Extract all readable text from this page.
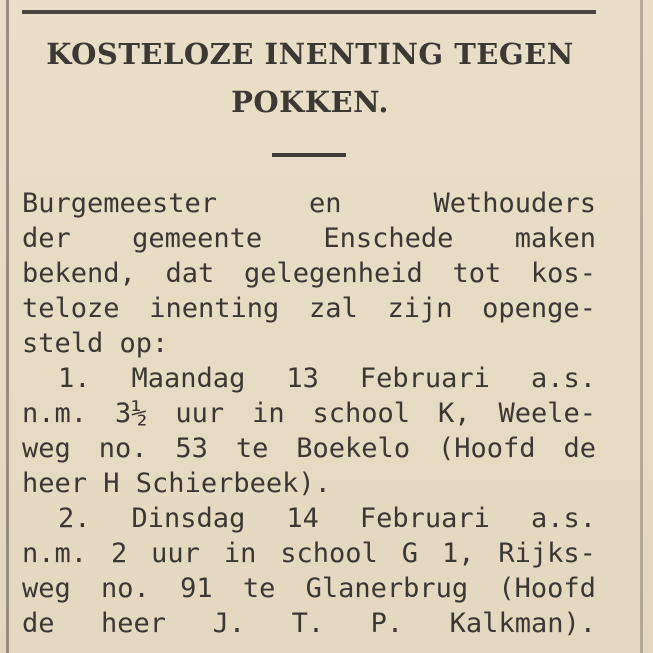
KOSTELOZE INENTING TEGEN
POKKEN.
Burgemeester	en	Wethouders
der gemeente Enschede maken
bekend, dat gelegenheid tot kos-
teloze inenting zal zijn openge-
steld op:
1. Maandag 13 Februari a.s.
n.m. 3½ uur in school K, Weele-
weg no. 53 te Boekelo (Hoofd de
heer H Schierbeek).
2. Dinsdag 14 Februari a.s.
n.m. 2 uur in school G 1, Rijks-
weg no. 91 te Glanerbrug (Hoofd
de heer J. T. P. Kalkman).
